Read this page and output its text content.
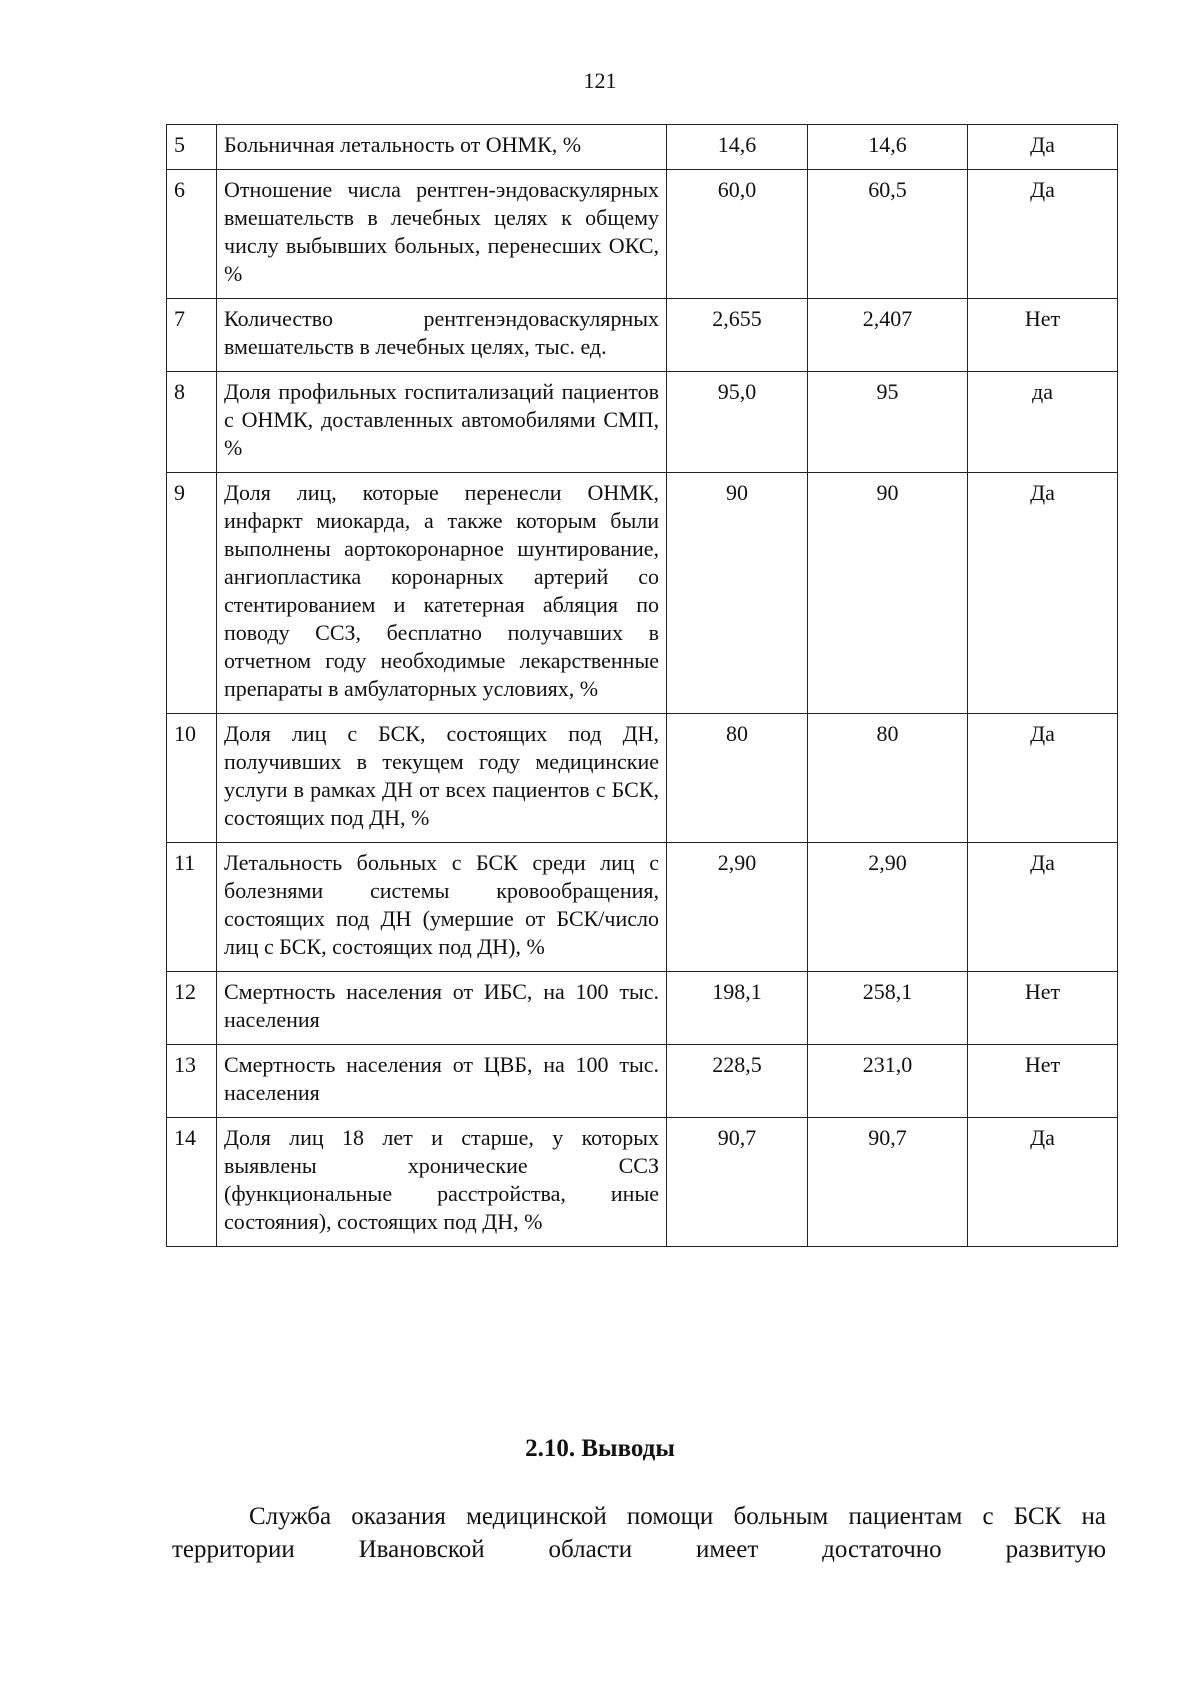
121
5	Больничная летальность от ОНМК, %	14,6	14,6	Да
6	Отношение числа рентген-эндоваскулярных вмешательств в лечебных целях к общему числу выбывших больных, перенесших ОКС, %	60,0	60,5	Да
7	Количество рентгенэндоваскулярных вмешательств в лечебных целях, тыс. ед.	2,655	2,407	Нет
8	Доля профильных госпитализаций пациентов с ОНМК, доставленных автомобилями СМП, %	95,0	95	да
9	Доля лиц, которые перенесли ОНМК, инфаркт миокарда, а также которым были выполнены аортокоронарное шунтирование, ангиопластика коронарных артерий со стентированием и катетерная абляция по поводу ССЗ, бесплатно получавших в отчетном году необходимые лекарственные препараты в амбулаторных условиях, %	90	90	Да
10	Доля лиц с БСК, состоящих под ДН, получивших в текущем году медицинские услуги в рамках ДН от всех пациентов с БСК, состоящих под ДН, %	80	80	Да
11	Летальность больных с БСК среди лиц с болезнями системы кровообращения, состоящих под ДН (умершие от БСК/число лиц с БСК, состоящих под ДН), %	2,90	2,90	Да
12	Смертность населения от ИБС, на 100 тыс. населения	198,1	258,1	Нет
13	Смертность населения от ЦВБ, на 100 тыс. населения	228,5	231,0	Нет
14	Доля лиц 18 лет и старше, у которых выявлены хронические ССЗ (функциональные расстройства, иные состояния), состоящих под ДН, %	90,7	90,7	Да
2.10. Выводы
Служба оказания медицинской помощи больным пациентам с БСК на территории Ивановской области имеет достаточно развитую
